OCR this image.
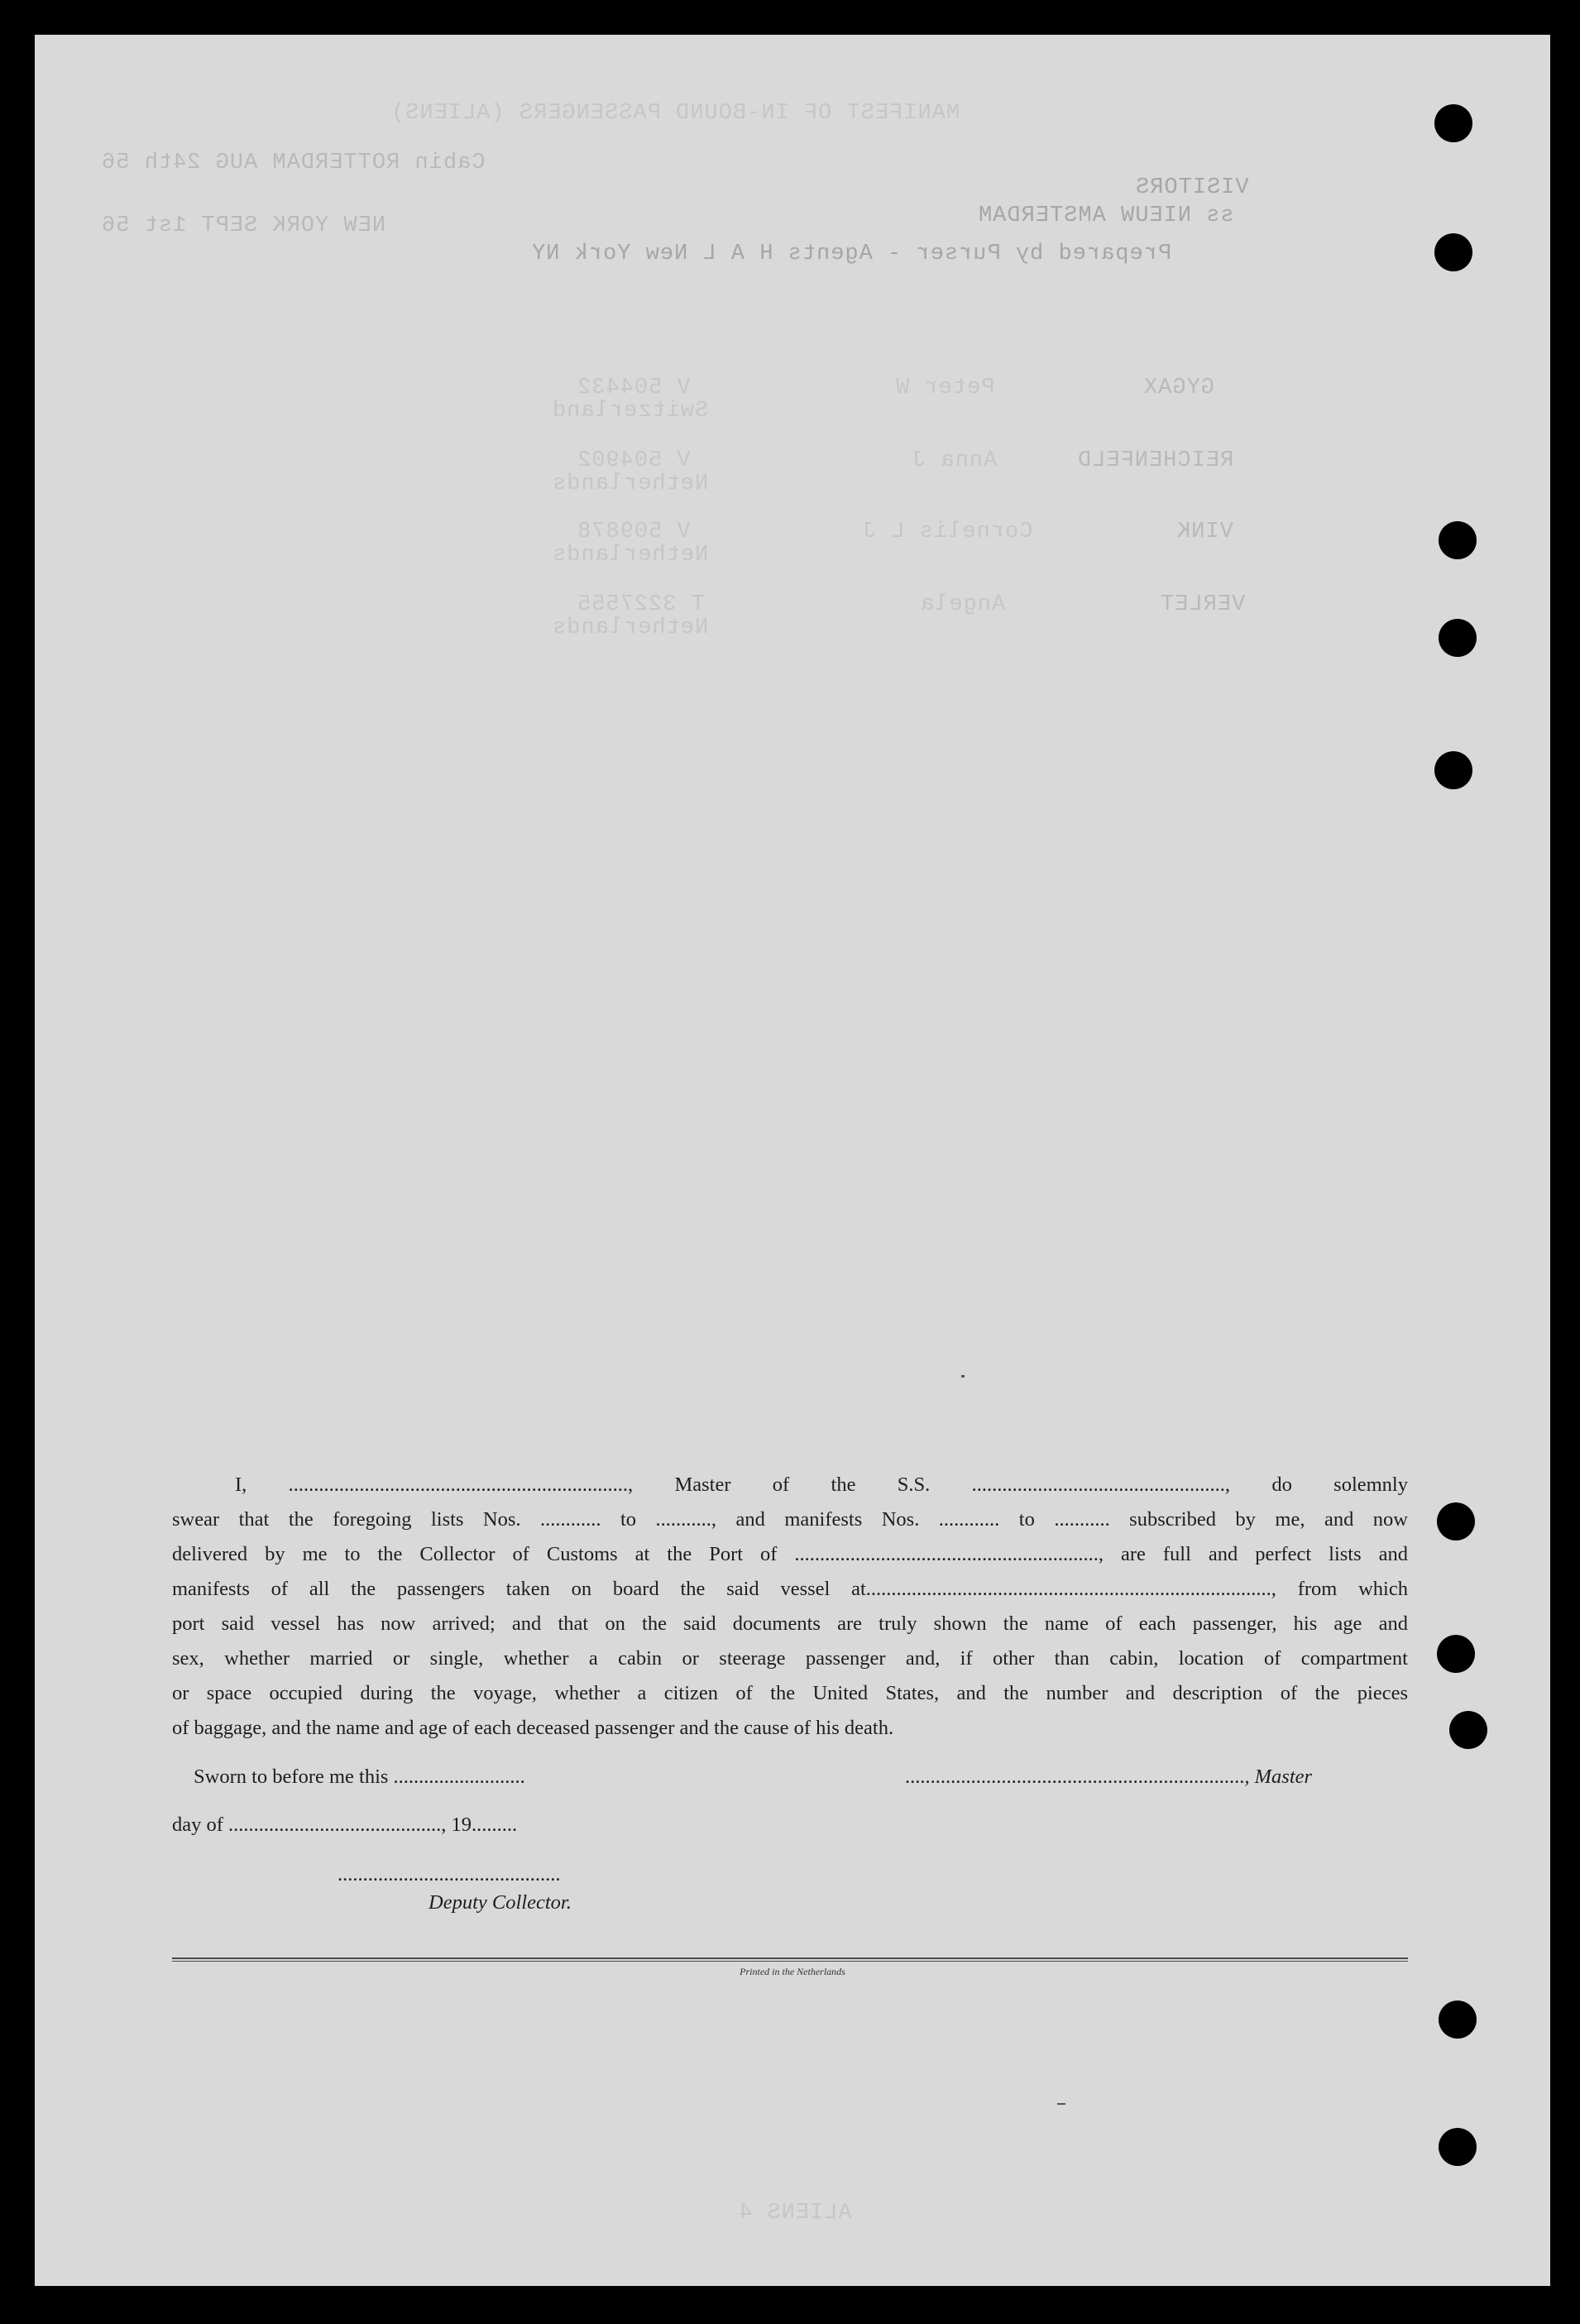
MANIFEST OF IN-BOUND PASSENGERS (ALIENS)
Cabin ROTTERDAM AUG 24th 56
VISITORS
ss NIEUW AMSTERDAM
NEW YORK SEPT 1st 56
Prepared by Purser - Agents H A L New York NY
GYGAX
Peter W
V 504432
Switzerland
REICHENFELD
Anna J
V 504902
Netherlands
VINK
Cornelis L J
V 509878
Netherlands
VERLET
Angela
T 3227555
Netherlands
ALIENS 4
I, ..................................................................., Master of the S.S. .................................................., do solemnly
swear that the foregoing lists Nos. ............ to ..........., and manifests Nos. ............ to ........... subscribed by me, and now
delivered by me to the Collector of Customs at the Port of ............................................................, are full and perfect lists and
manifests of all the passengers taken on board the said vessel at................................................................................, from which
port said vessel has now arrived; and that on the said documents are truly shown the name of each passenger, his age and
sex, whether married or single, whether a cabin or steerage passenger and, if other than cabin, location of compartment
or space occupied during the voyage, whether a citizen of the United States, and the number and description of the pieces
of baggage, and the name and age of each deceased passenger and the cause of his death.
Sworn to before me this ..........................	..................................................................., Master
day of .........................................., 19.........
............................................
Deputy Collector.
Printed in the Netherlands
